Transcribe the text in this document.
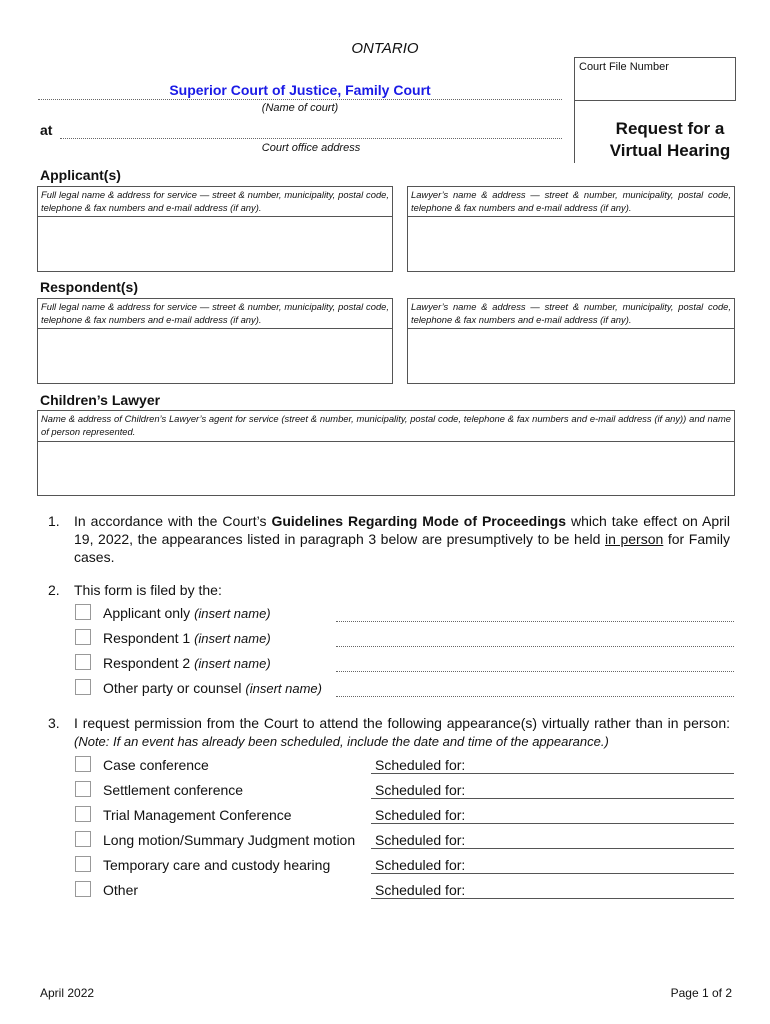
ONTARIO
Court File Number
Superior Court of Justice, Family Court
(Name of court)
at
Court office address
Request for a
Virtual Hearing
Applicant(s)
Full legal name & address for service — street & number, municipality, postal code, telephone & fax numbers and e-mail address (if any).
Lawyer’s name & address — street & number, municipality, postal code, telephone & fax numbers and e-mail address (if any).
Respondent(s)
Full legal name & address for service — street & number, municipality, postal code, telephone & fax numbers and e-mail address (if any).
Lawyer’s name & address — street & number, municipality, postal code, telephone & fax numbers and e-mail address (if any).
Children’s Lawyer
Name & address of Children’s Lawyer’s agent for service (street & number, municipality, postal code, telephone & fax numbers and e-mail address (if any)) and name of person represented.
1. In accordance with the Court’s Guidelines Regarding Mode of Proceedings which take effect on April 19, 2022, the appearances listed in paragraph 3 below are presumptively to be held in person for Family cases.
2. This form is filed by the:
Applicant only (insert name)
Respondent 1 (insert name)
Respondent 2 (insert name)
Other party or counsel (insert name)
3. I request permission from the Court to attend the following appearance(s) virtually rather than in person: (Note: If an event has already been scheduled, include the date and time of the appearance.)
Case conference	Scheduled for:
Settlement conference	Scheduled for:
Trial Management Conference	Scheduled for:
Long motion/Summary Judgment motion Scheduled for:
Temporary care and custody hearing	Scheduled for:
Other	Scheduled for:
April 2022	Page 1 of 2
